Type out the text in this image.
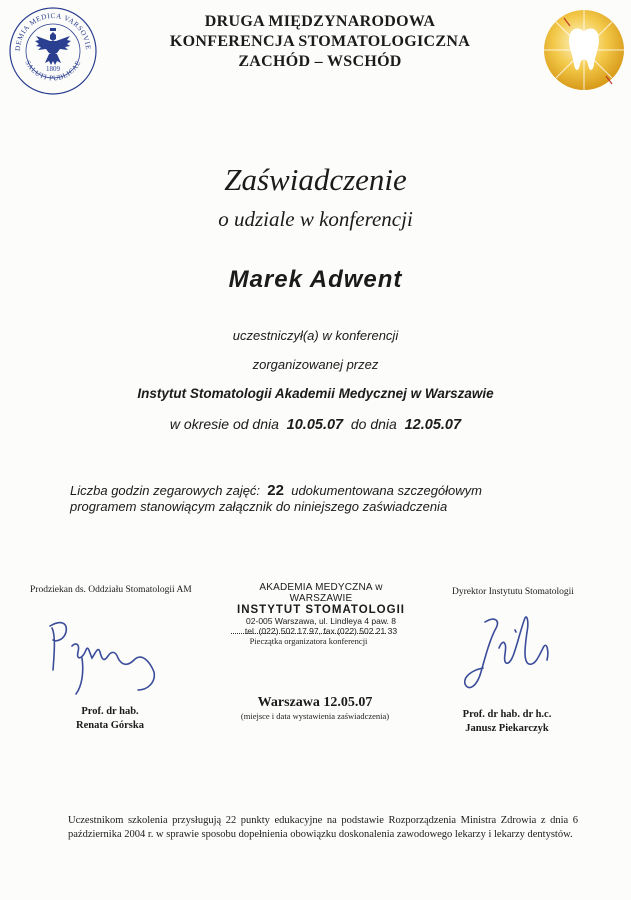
DEMIA MEDICA VARSOVIE
SALUTI PUBLICAE
1809
DRUGA MIĘDZYNARODOWA
KONFERENCJA STOMATOLOGICZNA
ZACHÓD – WSCHÓD
Zaświadczenie
o udziale w konferencji
Marek Adwent
uczestniczył(a) w konferencji
zorganizowanej przez
Instytut Stomatologii Akademii Medycznej w Warszawie
w okresie od dnia 10.05.07 do dnia 12.05.07
Liczba godzin zegarowych zajęć: 22 udokumentowana szczegółowym
programem stanowiącym załącznik do niniejszego zaświadczenia
Prodziekan ds. Oddziału Stomatologii AM
Prof. dr hab.
Renata Górska
AKADEMIA MEDYCZNA w WARSZAWIE
INSTYTUT STOMATOLOGII
02-005 Warszawa, ul. Lindleya 4 paw. 8
tel. (022) 502 17 97, fax (022) 502 21 33
Pieczątka organizatora konferencji
Warszawa 12.05.07
(miejsce i data wystawienia zaświadczenia)
Dyrektor Instytutu Stomatologii
Prof. dr hab. dr h.c.
Janusz Piekarczyk
Uczestnikom szkolenia przysługują 22 punkty edukacyjne na podstawie Rozporządzenia Ministra Zdrowia z dnia 6 października 2004 r. w sprawie sposobu dopełnienia obowiązku doskonalenia zawodowego lekarzy i lekarzy dentystów.
